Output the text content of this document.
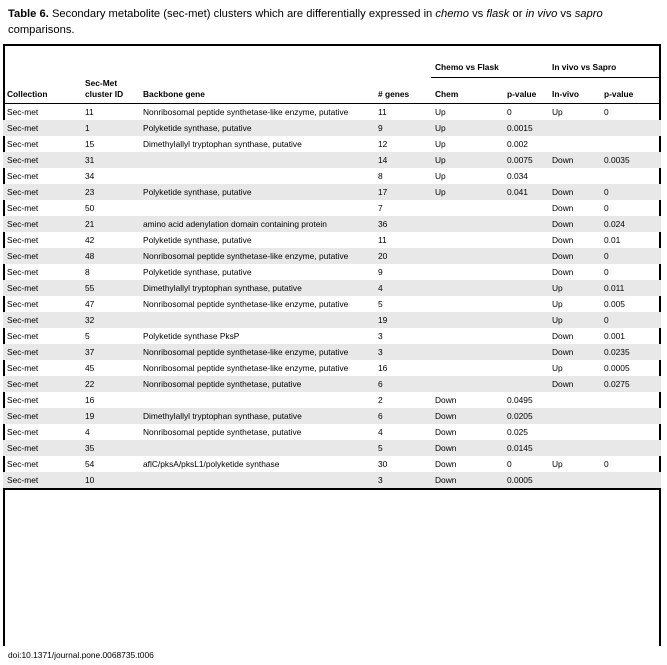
Table 6. Secondary metabolite (sec-met) clusters which are differentially expressed in chemo vs flask or in vivo vs sapro comparisons.
				Chemo vs Flask		In vivo vs Sapro	
Collection	Sec-Met
cluster ID	Backbone gene	# genes	Chem	p-value	In-vivo	p-value
Sec-met	11	Nonribosomal peptide synthetase-like enzyme, putative	11	Up	0	Up	0
Sec-met	1	Polyketide synthase, putative	9	Up	0.0015		
Sec-met	15	Dimethylallyl tryptophan synthase, putative	12	Up	0.002		
Sec-met	31		14	Up	0.0075	Down	0.0035
Sec-met	34		8	Up	0.034		
Sec-met	23	Polyketide synthase, putative	17	Up	0.041	Down	0
Sec-met	50		7			Down	0
Sec-met	21	amino acid adenylation domain containing protein	36			Down	0.024
Sec-met	42	Polyketide synthase, putative	11			Down	0.01
Sec-met	48	Nonribosomal peptide synthetase-like enzyme, putative	20			Down	0
Sec-met	8	Polyketide synthase, putative	9			Down	0
Sec-met	55	Dimethylallyl tryptophan synthase, putative	4			Up	0.011
Sec-met	47	Nonribosomal peptide synthetase-like enzyme, putative	5			Up	0.005
Sec-met	32		19			Up	0
Sec-met	5	Polyketide synthase PksP	3			Down	0.001
Sec-met	37	Nonribosomal peptide synthetase-like enzyme, putative	3			Down	0.0235
Sec-met	45	Nonribosomal peptide synthetase-like enzyme, putative	16			Up	0.0005
Sec-met	22	Nonribosomal peptide synthetase, putative	6			Down	0.0275
Sec-met	16		2	Down	0.0495		
Sec-met	19	Dimethylallyl tryptophan synthase, putative	6	Down	0.0205		
Sec-met	4	Nonribosomal peptide synthetase, putative	4	Down	0.025		
Sec-met	35		5	Down	0.0145		
Sec-met	54	aflC/pksA/pksL1/polyketide synthase	30	Down	0	Up	0
Sec-met	10		3	Down	0.0005		
doi:10.1371/journal.pone.0068735.t006
